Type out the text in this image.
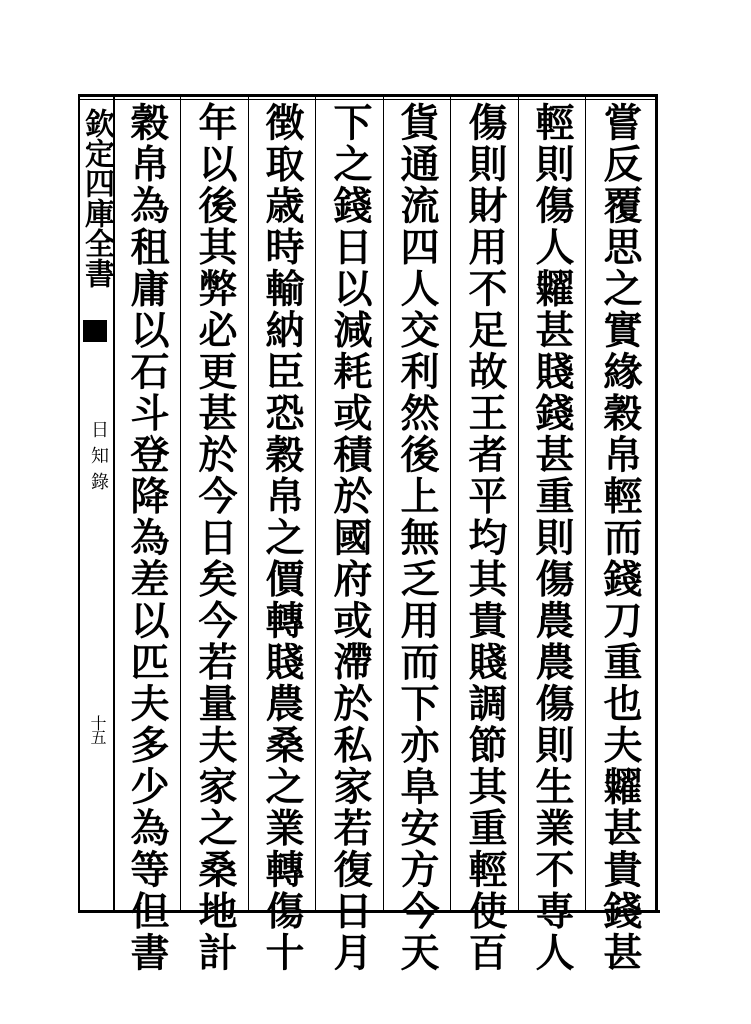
欽定四庫全書
日知錄
十五	嘗反覆思之實緣穀帛輕而錢刀重也夫糶甚貴錢甚
輕則傷人糶甚賤錢甚重則傷農農傷則生業不専人
傷則財用不足故王者平均其貴賤調節其重輕使百
貨通流四人交利然後上無乏用而下亦阜安方今天
下之錢日以減耗或積於國府或滯於私家若復日月
徴取歳時輸納臣恐穀帛之價轉賤農桑之業轉傷十
年以後其弊必更甚於今日矣今若量夫家之桑地計
穀帛為租庸以石斗登降為差以匹夫多少為等但書
